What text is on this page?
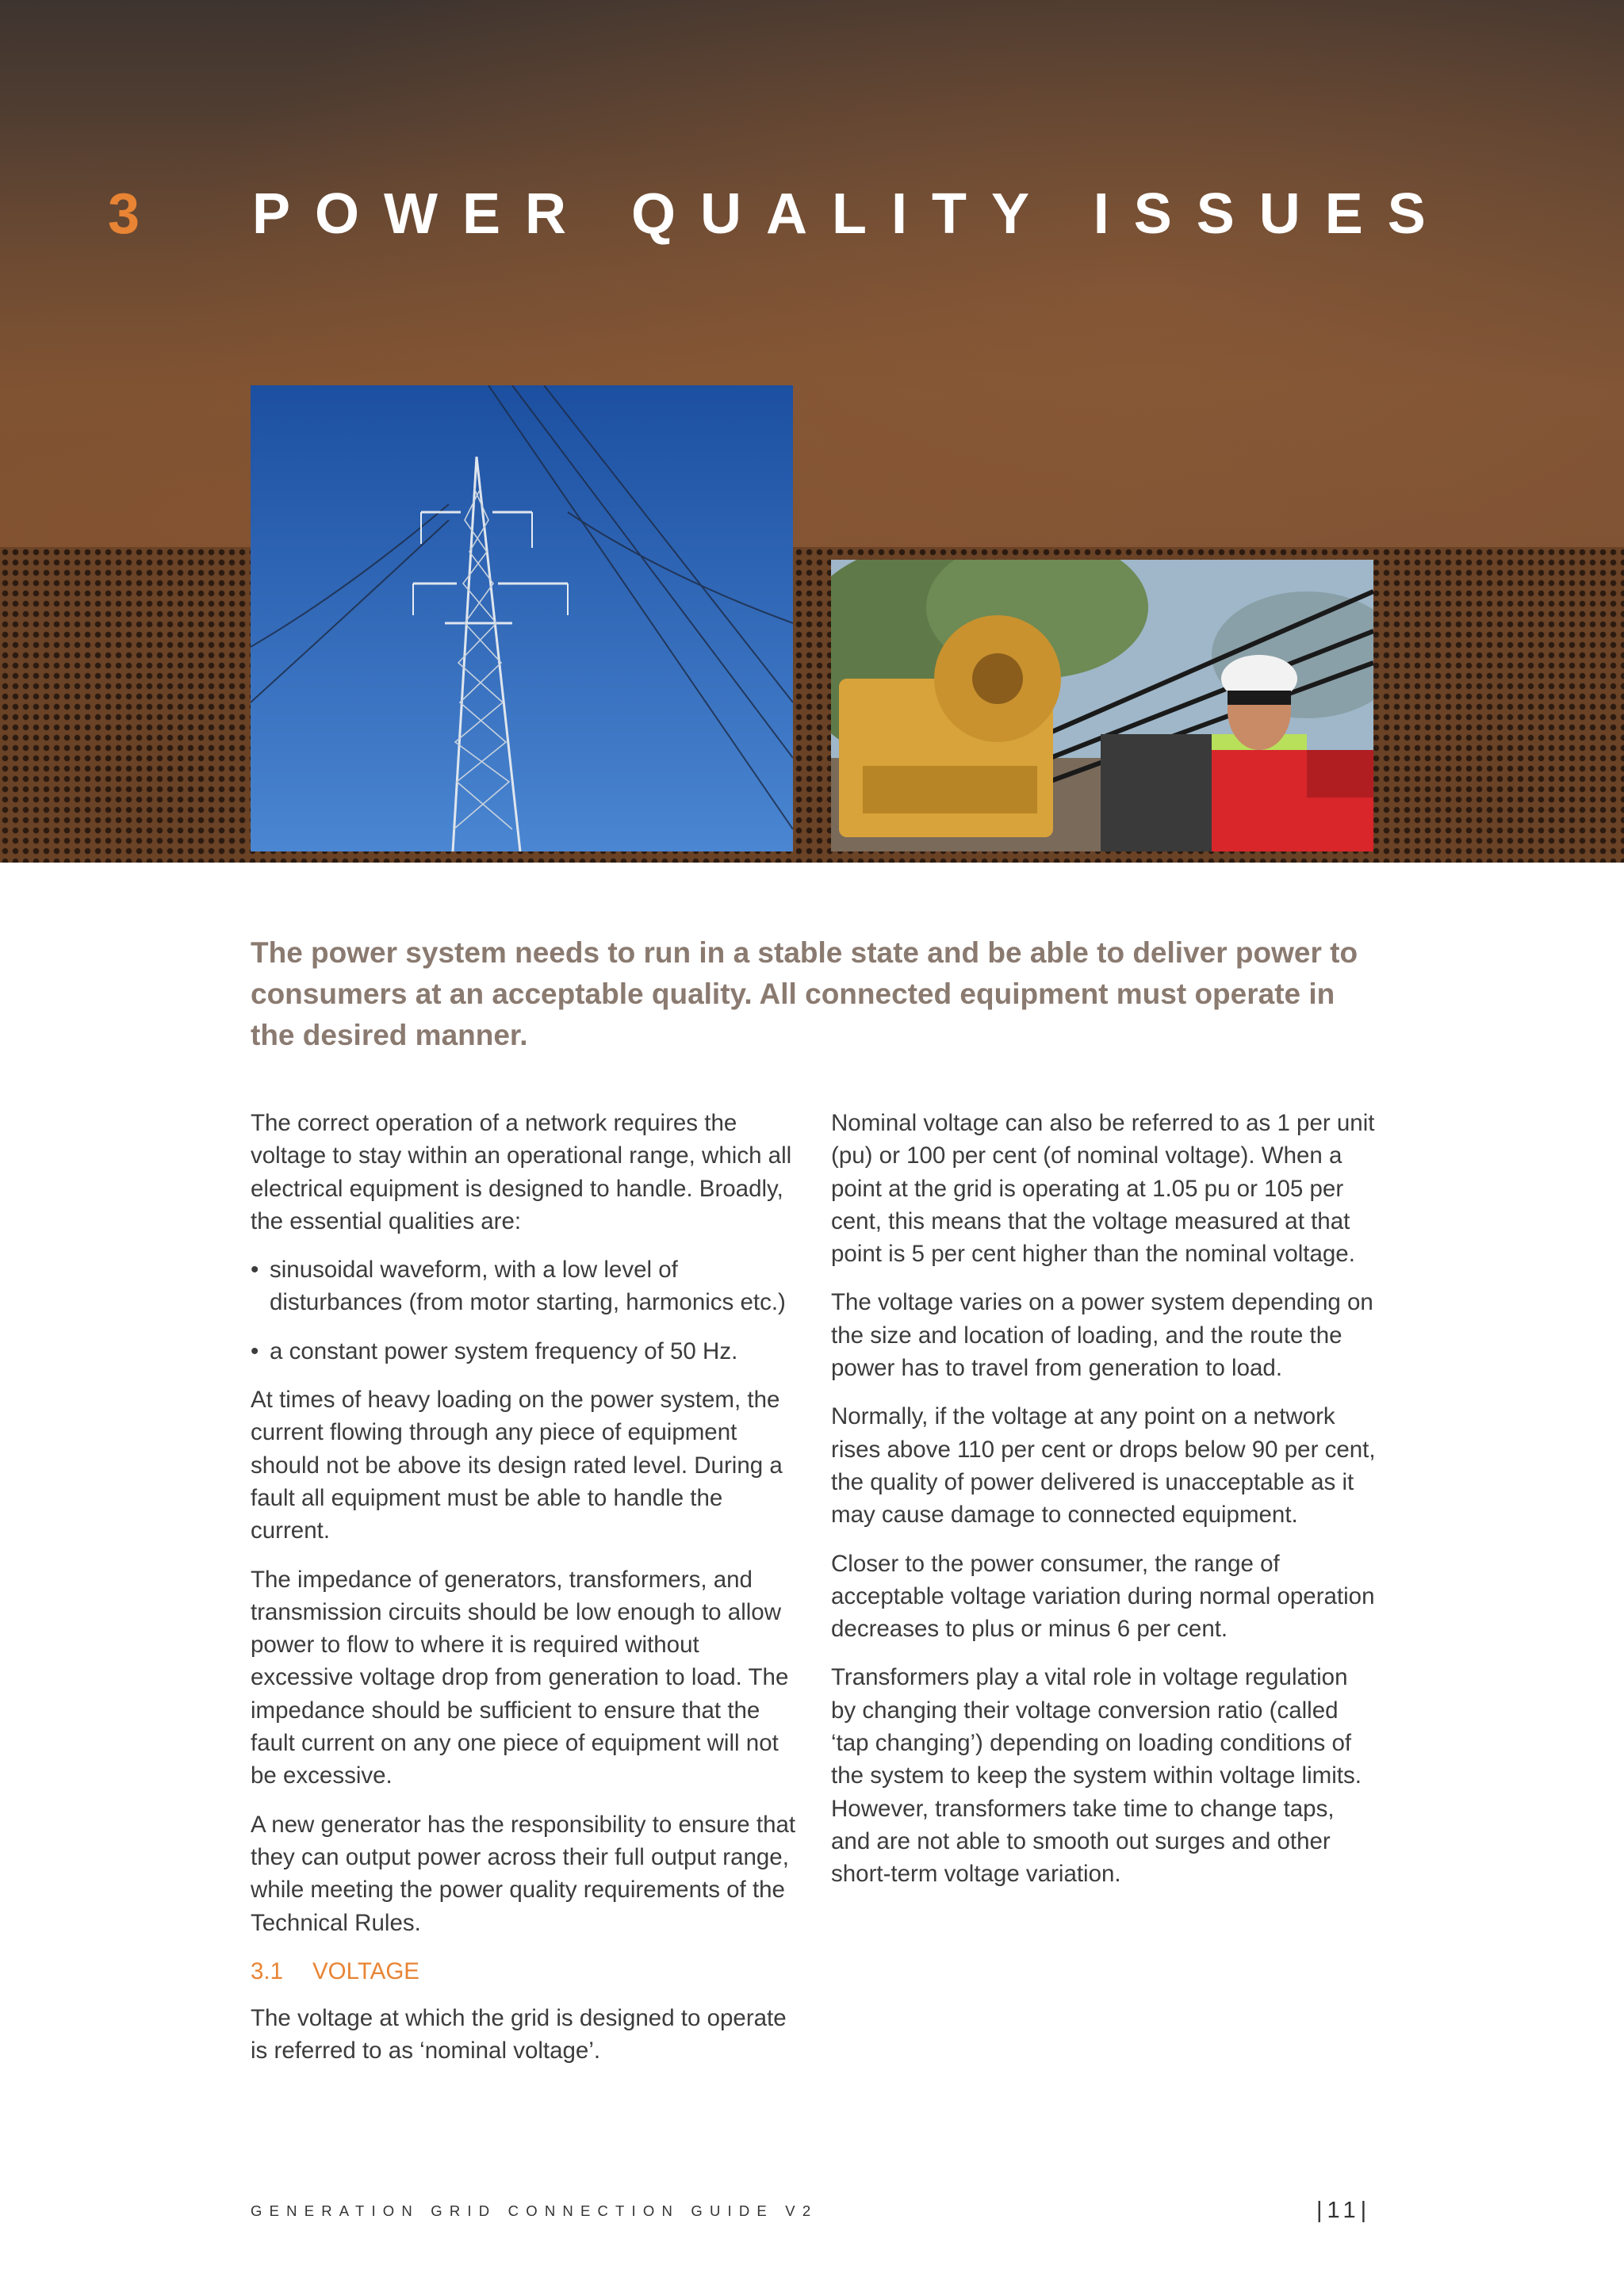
3 POWER QUALITY ISSUES
The power system needs to run in a stable state and be able to deliver power to consumers at an acceptable quality. All connected equipment must operate in the desired manner.

The correct operation of a network requires the voltage to stay within an operational range, which all electrical equipment is designed to handle. Broadly, the essential qualities are:

• sinusoidal waveform, with a low level of disturbances (from motor starting, harmonics etc.)
• a constant power system frequency of 50 Hz.

At times of heavy loading on the power system, the current flowing through any piece of equipment should not be above its design rated level. During a fault all equipment must be able to handle the current.

The impedance of generators, transformers, and transmission circuits should be low enough to allow power to flow to where it is required without excessive voltage drop from generation to load. The impedance should be sufficient to ensure that the fault current on any one piece of equipment will not be excessive.

A new generator has the responsibility to ensure that they can output power across their full output range, while meeting the power quality requirements of the Technical Rules.

3.1 VOLTAGE

The voltage at which the grid is designed to operate is referred to as ‘nominal voltage’.

Nominal voltage can also be referred to as 1 per unit (pu) or 100 per cent (of nominal voltage). When a point at the grid is operating at 1.05 pu or 105 per cent, this means that the voltage measured at that point is 5 per cent higher than the nominal voltage.

The voltage varies on a power system depending on the size and location of loading, and the route the power has to travel from generation to load.

Normally, if the voltage at any point on a network rises above 110 per cent or drops below 90 per cent, the quality of power delivered is unacceptable as it may cause damage to connected equipment.

Closer to the power consumer, the range of acceptable voltage variation during normal operation decreases to plus or minus 6 per cent.

Transformers play a vital role in voltage regulation by changing their voltage conversion ratio (called ‘tap changing’) depending on loading conditions of the system to keep the system within voltage limits. However, transformers take time to change taps, and are not able to smooth out surges and other short-term voltage variation.

GENERATION GRID CONNECTION GUIDE V2	|11|
